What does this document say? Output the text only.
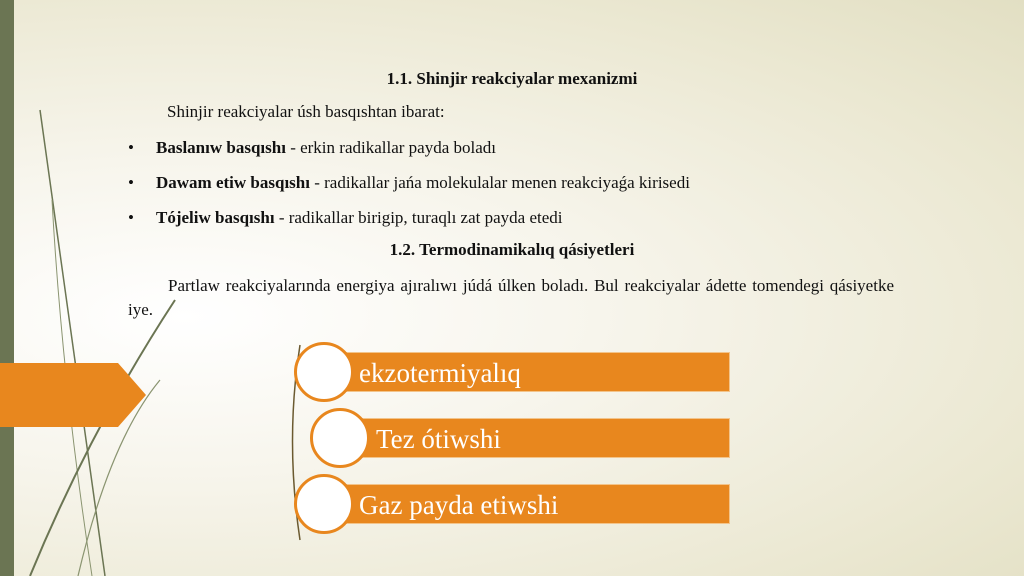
1.1. Shinjir reakciyalar mexanizmi
Shinjir reakciyalar úsh basqıshtan ibarat:
• Baslanıw basqıshı - erkin radikallar payda boladı
• Dawam etiw basqıshı - radikallar jańa molekulalar menen reakciyaǵa kirisedi
• Tójeliw basqıshı - radikallar birigip, turaqlı zat payda etedi
1.2. Termodinamikalıq qásiyetleri
Partlaw reakciyalarında energiya ajıralıwı júdá úlken boladı. Bul reakciyalar ádette tomendegi qásiyetke iye.
ekzotermiyalıq
Tez ótiwshi
Gaz payda etiwshi
